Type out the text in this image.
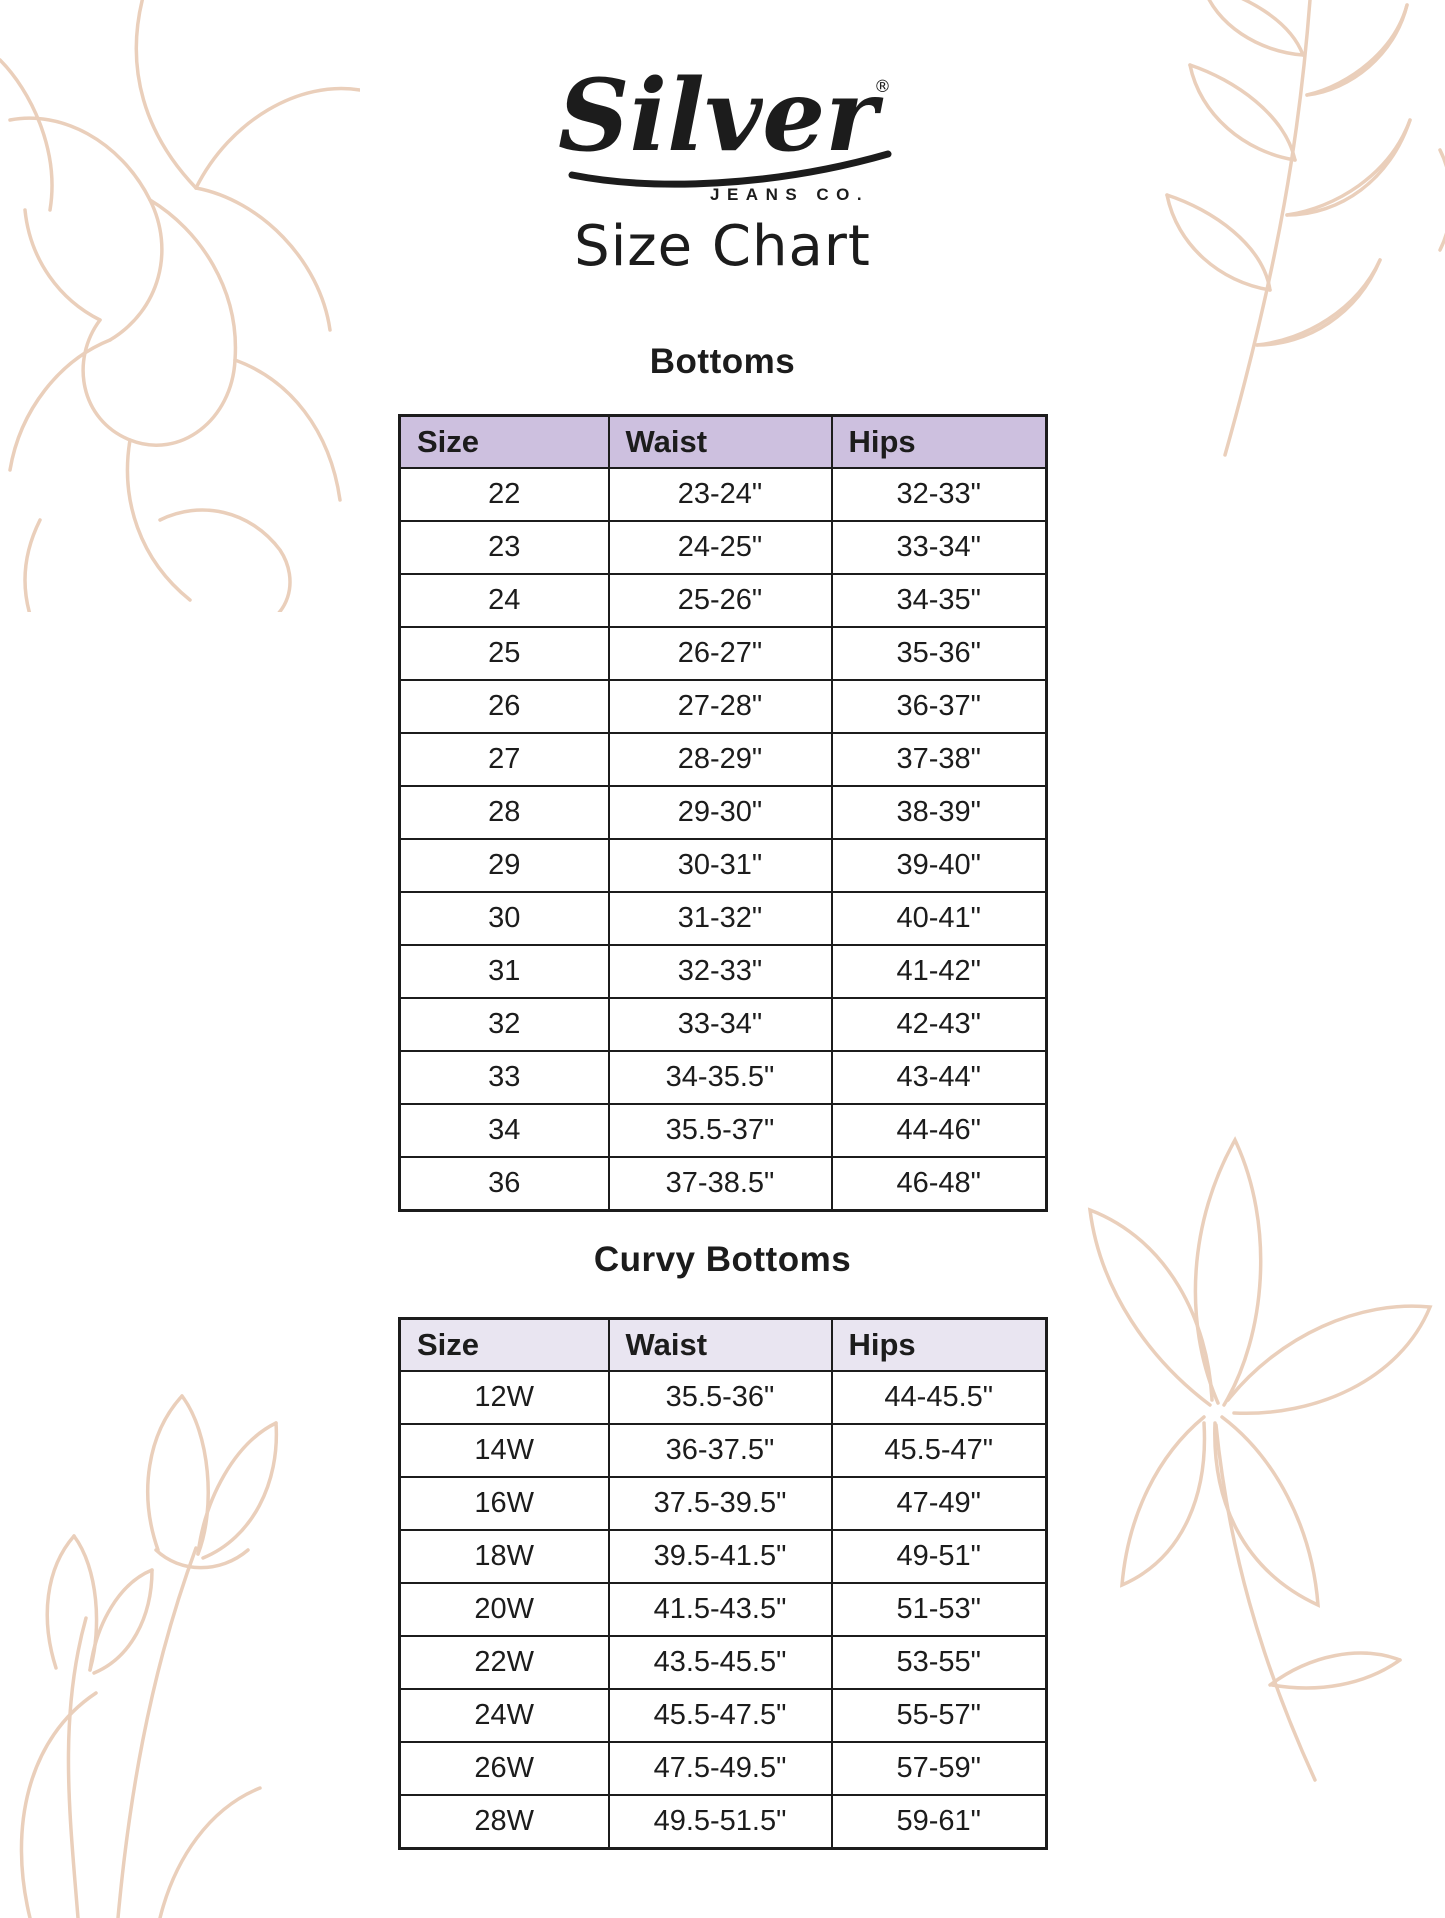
Silver
®
JEANS CO.
Size Chart
Bottoms
Size	Waist	Hips
22	23-24"	32-33"
23	24-25"	33-34"
24	25-26"	34-35"
25	26-27"	35-36"
26	27-28"	36-37"
27	28-29"	37-38"
28	29-30"	38-39"
29	30-31"	39-40"
30	31-32"	40-41"
31	32-33"	41-42"
32	33-34"	42-43"
33	34-35.5"	43-44"
34	35.5-37"	44-46"
36	37-38.5"	46-48"
Curvy Bottoms
Size	Waist	Hips
12W	35.5-36"	44-45.5"
14W	36-37.5"	45.5-47"
16W	37.5-39.5"	47-49"
18W	39.5-41.5"	49-51"
20W	41.5-43.5"	51-53"
22W	43.5-45.5"	53-55"
24W	45.5-47.5"	55-57"
26W	47.5-49.5"	57-59"
28W	49.5-51.5"	59-61"
